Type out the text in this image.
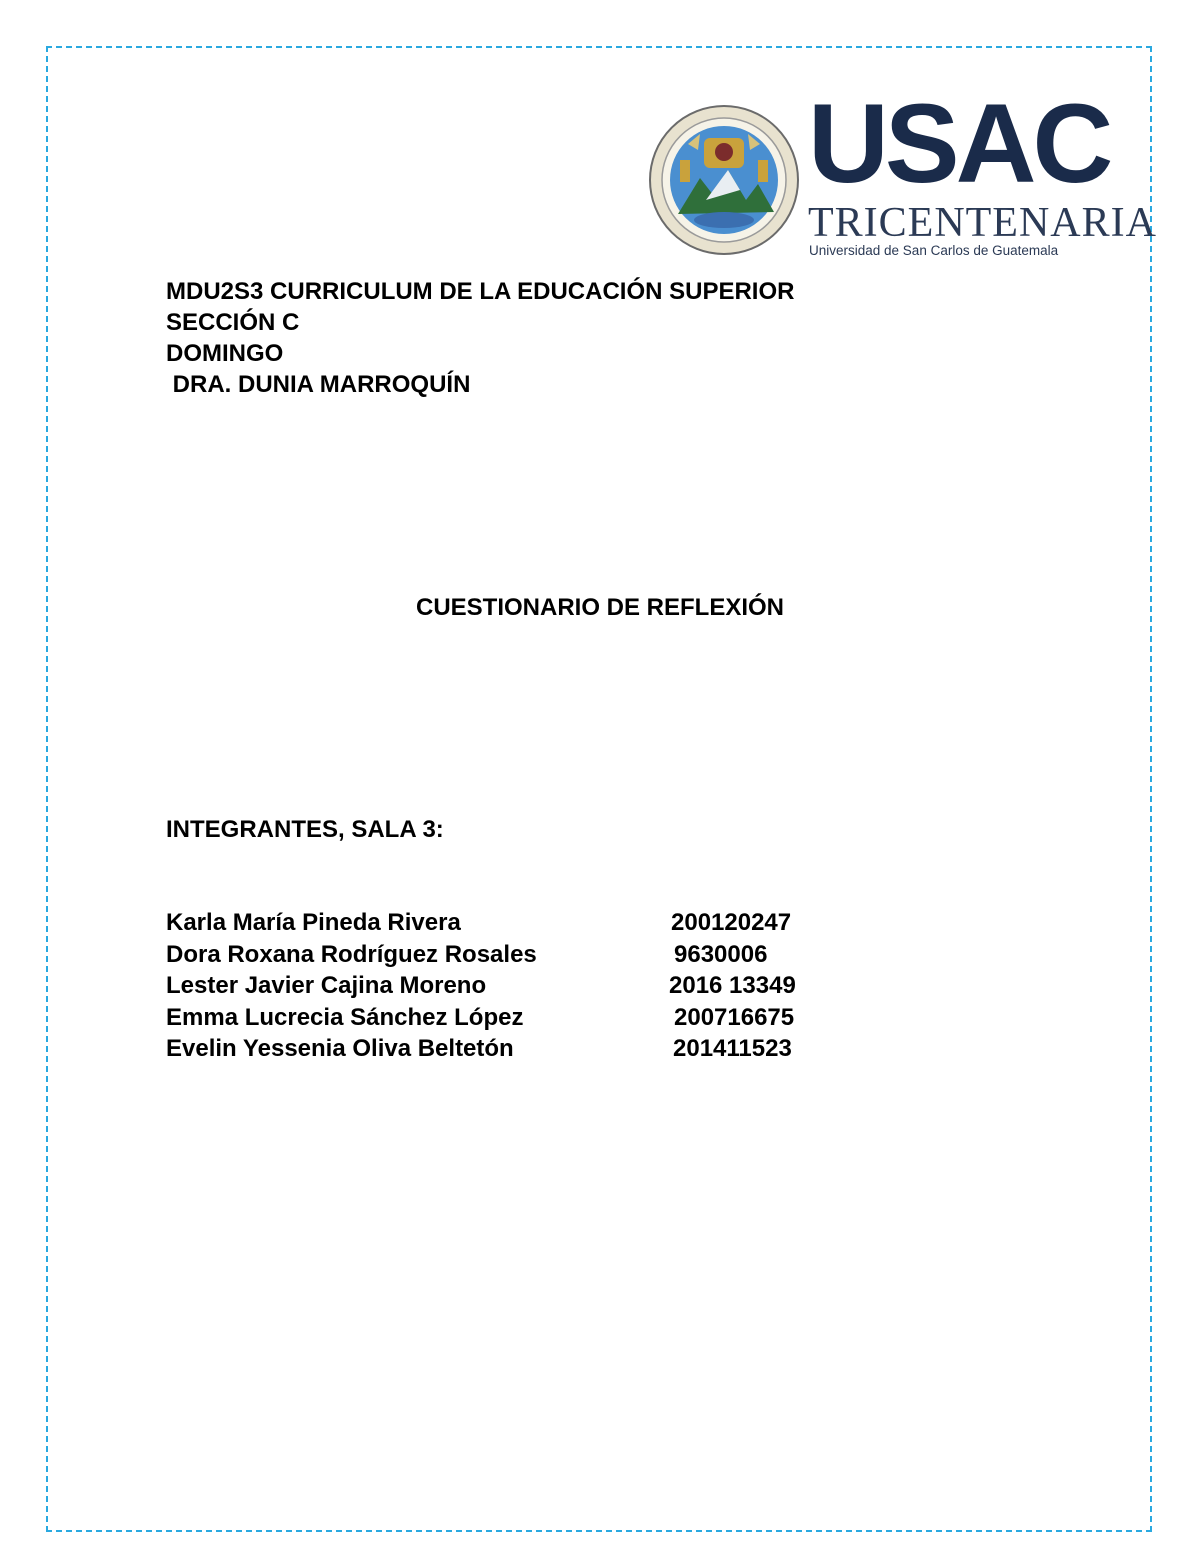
USAC
TRICENTENARIA
Universidad de San Carlos de Guatemala
MDU2S3 CURRICULUM DE LA EDUCACIÓN SUPERIOR
SECCIÓN C
DOMINGO
DRA. DUNIA MARROQUÍN
CUESTIONARIO DE REFLEXIÓN
INTEGRANTES, SALA 3:
Karla María Pineda Rivera	200120247
Dora Roxana Rodríguez Rosales	9630006
Lester Javier Cajina Moreno	2016 13349
Emma Lucrecia Sánchez López	200716675
Evelin Yessenia Oliva Beltetón	201411523
